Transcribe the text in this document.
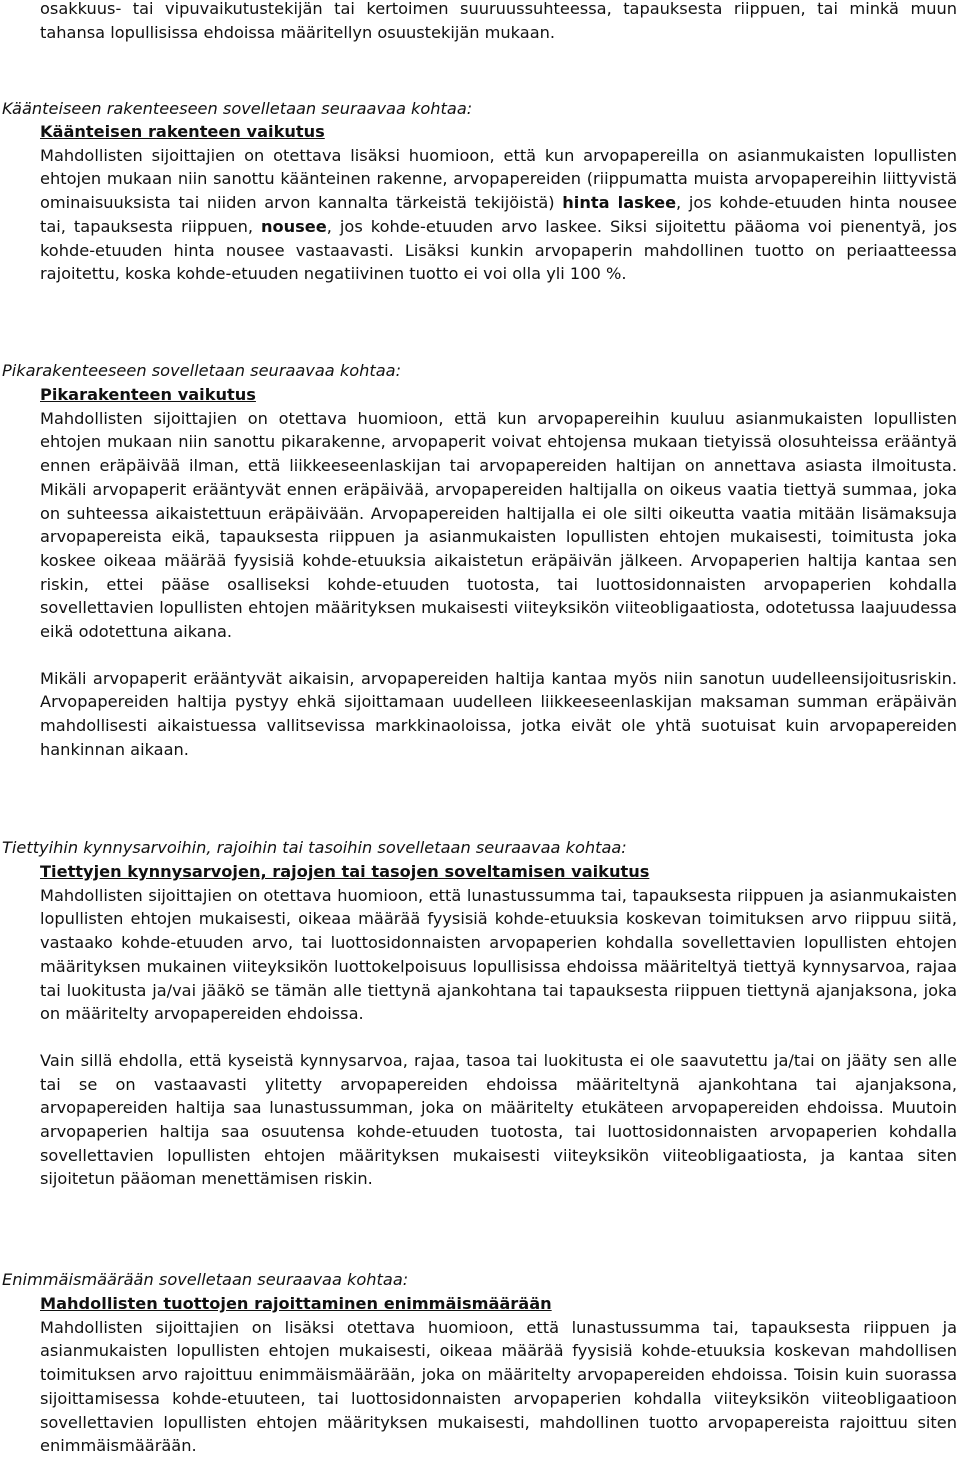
osakkuus- tai vipuvaikutustekijän tai kertoimen suuruussuhteessa, tapauksesta riippuen, tai minkä muun tahansa lopullisissa ehdoissa määritellyn osuustekijän mukaan.
Käänteiseen rakenteeseen sovelletaan seuraavaa kohtaa:
Käänteisen rakenteen vaikutus
Mahdollisten sijoittajien on otettava lisäksi huomioon, että kun arvopapereilla on asianmukaisten lopullisten ehtojen mukaan niin sanottu käänteinen rakenne, arvopapereiden (riippumatta muista arvopapereihin liittyvistä ominaisuuksista tai niiden arvon kannalta tärkeistä tekijöistä) hinta laskee, jos kohde-etuuden hinta nousee tai, tapauksesta riippuen, nousee, jos kohde-etuuden arvo laskee. Siksi sijoitettu pääoma voi pienentyä, jos kohde-etuuden hinta nousee vastaavasti. Lisäksi kunkin arvopaperin mahdollinen tuotto on periaatteessa rajoitettu, koska kohde-etuuden negatiivinen tuotto ei voi olla yli 100 %.
Pikarakenteeseen sovelletaan seuraavaa kohtaa:
Pikarakenteen vaikutus
Mahdollisten sijoittajien on otettava huomioon, että kun arvopapereihin kuuluu asianmukaisten lopullisten ehtojen mukaan niin sanottu pikarakenne, arvopaperit voivat ehtojensa mukaan tietyissä olosuhteissa erääntyä ennen eräpäivää ilman, että liikkeeseenlaskijan tai arvopapereiden haltijan on annettava asiasta ilmoitusta. Mikäli arvopaperit erääntyvät ennen eräpäivää, arvopapereiden haltijalla on oikeus vaatia tiettyä summaa, joka on suhteessa aikaistettuun eräpäivään. Arvopapereiden haltijalla ei ole silti oikeutta vaatia mitään lisämaksuja arvopapereista eikä, tapauksesta riippuen ja asianmukaisten lopullisten ehtojen mukaisesti, toimitusta joka koskee oikeaa määrää fyysisiä kohde-etuuksia aikaistetun eräpäivän jälkeen. Arvopaperien haltija kantaa sen riskin, ettei pääse osalliseksi kohde-etuuden tuotosta, tai luottosidonnaisten arvopaperien kohdalla sovellettavien lopullisten ehtojen määrityksen mukaisesti viiteyksikön viiteobligaatiosta, odotetussa laajuudessa eikä odotettuna aikana.
Mikäli arvopaperit erääntyvät aikaisin, arvopapereiden haltija kantaa myös niin sanotun uudelleensijoitusriskin. Arvopapereiden haltija pystyy ehkä sijoittamaan uudelleen liikkeeseenlaskijan maksaman summan eräpäivän mahdollisesti aikaistuessa vallitsevissa markkinaoloissa, jotka eivät ole yhtä suotuisat kuin arvopapereiden hankinnan aikaan.
Tiettyihin kynnysarvoihin, rajoihin tai tasoihin sovelletaan seuraavaa kohtaa:
Tiettyjen kynnysarvojen, rajojen tai tasojen soveltamisen vaikutus
Mahdollisten sijoittajien on otettava huomioon, että lunastussumma tai, tapauksesta riippuen ja asianmukaisten lopullisten ehtojen mukaisesti, oikeaa määrää fyysisiä kohde-etuuksia koskevan toimituksen arvo riippuu siitä, vastaako kohde-etuuden arvo, tai luottosidonnaisten arvopaperien kohdalla sovellettavien lopullisten ehtojen määrityksen mukainen viiteyksikön luottokelpoisuus lopullisissa ehdoissa määriteltyä tiettyä kynnysarvoa, rajaa tai luokitusta ja/vai jääkö se tämän alle tiettynä ajankohtana tai tapauksesta riippuen tiettynä ajanjaksona, joka on määritelty arvopapereiden ehdoissa.
Vain sillä ehdolla, että kyseistä kynnysarvoa, rajaa, tasoa tai luokitusta ei ole saavutettu ja/tai on jääty sen alle tai se on vastaavasti ylitetty arvopapereiden ehdoissa määriteltynä ajankohtana tai ajanjaksona, arvopapereiden haltija saa lunastussumman, joka on määritelty etukäteen arvopapereiden ehdoissa. Muutoin arvopaperien haltija saa osuutensa kohde-etuuden tuotosta, tai luottosidonnaisten arvopaperien kohdalla sovellettavien lopullisten ehtojen määrityksen mukaisesti viiteyksikön viiteobligaatiosta, ja kantaa siten sijoitetun pääoman menettämisen riskin.
Enimmäismäärään sovelletaan seuraavaa kohtaa:
Mahdollisten tuottojen rajoittaminen enimmäismäärään
Mahdollisten sijoittajien on lisäksi otettava huomioon, että lunastussumma tai, tapauksesta riippuen ja asianmukaisten lopullisten ehtojen mukaisesti, oikeaa määrää fyysisiä kohde-etuuksia koskevan mahdollisen toimituksen arvo rajoittuu enimmäismäärään, joka on määritelty arvopapereiden ehdoissa. Toisin kuin suorassa sijoittamisessa kohde-etuuteen, tai luottosidonnaisten arvopaperien kohdalla viiteyksikön viiteobligaatioon sovellettavien lopullisten ehtojen määrityksen mukaisesti, mahdollinen tuotto arvopapereista rajoittuu siten enimmäismäärään.
